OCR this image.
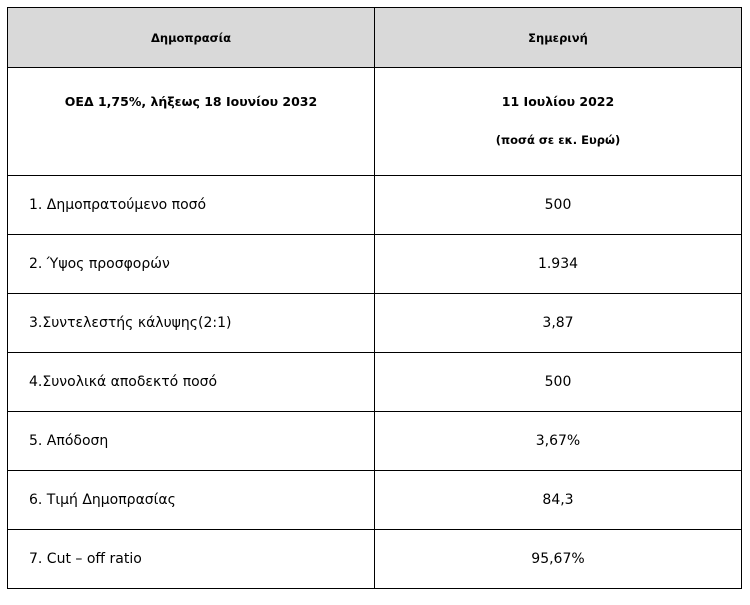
Δημοπρασία	Σημερινή

ΟΕΔ 1,75%, λήξεως 18 Ιουνίου 2032	11 Ιουλίου 2022
(ποσά σε εκ. Ευρώ)

1. Δημοπρατούμενο ποσό	500
2. Ύψος προσφορών	1.934
3.Συντελεστής κάλυψης(2:1)	3,87
4.Συνολικά αποδεκτό ποσό	500
5. Απόδοση	3,67%
6. Τιμή Δημοπρασίας	84,3
7. Cut – off ratio	95,67%
